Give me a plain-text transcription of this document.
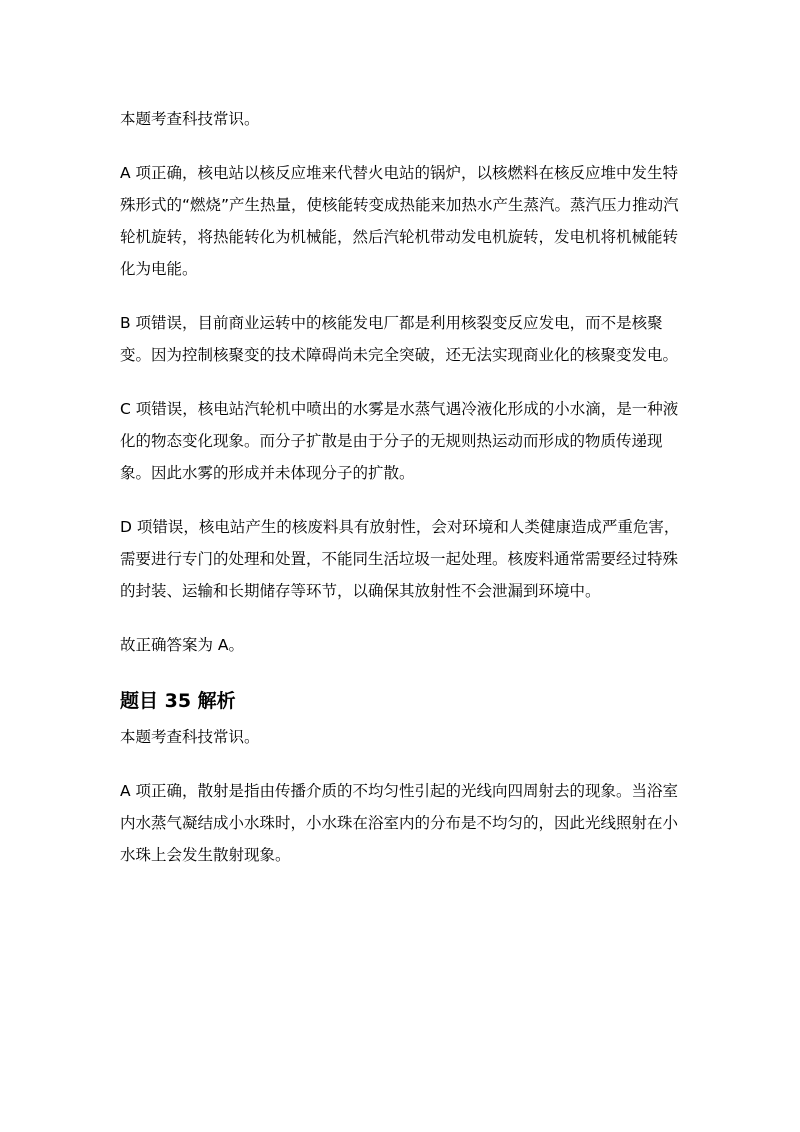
本题考查科技常识。

A 项正确，核电站以核反应堆来代替火电站的锅炉，以核燃料在核反应堆中发生特殊形式的“燃烧”产生热量，使核能转变成热能来加热水产生蒸汽。蒸汽压力推动汽轮机旋转，将热能转化为机械能，然后汽轮机带动发电机旋转，发电机将机械能转化为电能。

B 项错误，目前商业运转中的核能发电厂都是利用核裂变反应发电，而不是核聚变。因为控制核聚变的技术障碍尚未完全突破，还无法实现商业化的核聚变发电。

C 项错误，核电站汽轮机中喷出的水雾是水蒸气遇冷液化形成的小水滴，是一种液化的物态变化现象。而分子扩散是由于分子的无规则热运动而形成的物质传递现象。因此水雾的形成并未体现分子的扩散。

D 项错误，核电站产生的核废料具有放射性，会对环境和人类健康造成严重危害，需要进行专门的处理和处置，不能同生活垃圾一起处理。核废料通常需要经过特殊的封装、运输和长期储存等环节，以确保其放射性不会泄漏到环境中。

故正确答案为 A。

题目 35 解析

本题考查科技常识。

A 项正确，散射是指由传播介质的不均匀性引起的光线向四周射去的现象。当浴室内水蒸气凝结成小水珠时，小水珠在浴室内的分布是不均匀的，因此光线照射在小水珠上会发生散射现象。
